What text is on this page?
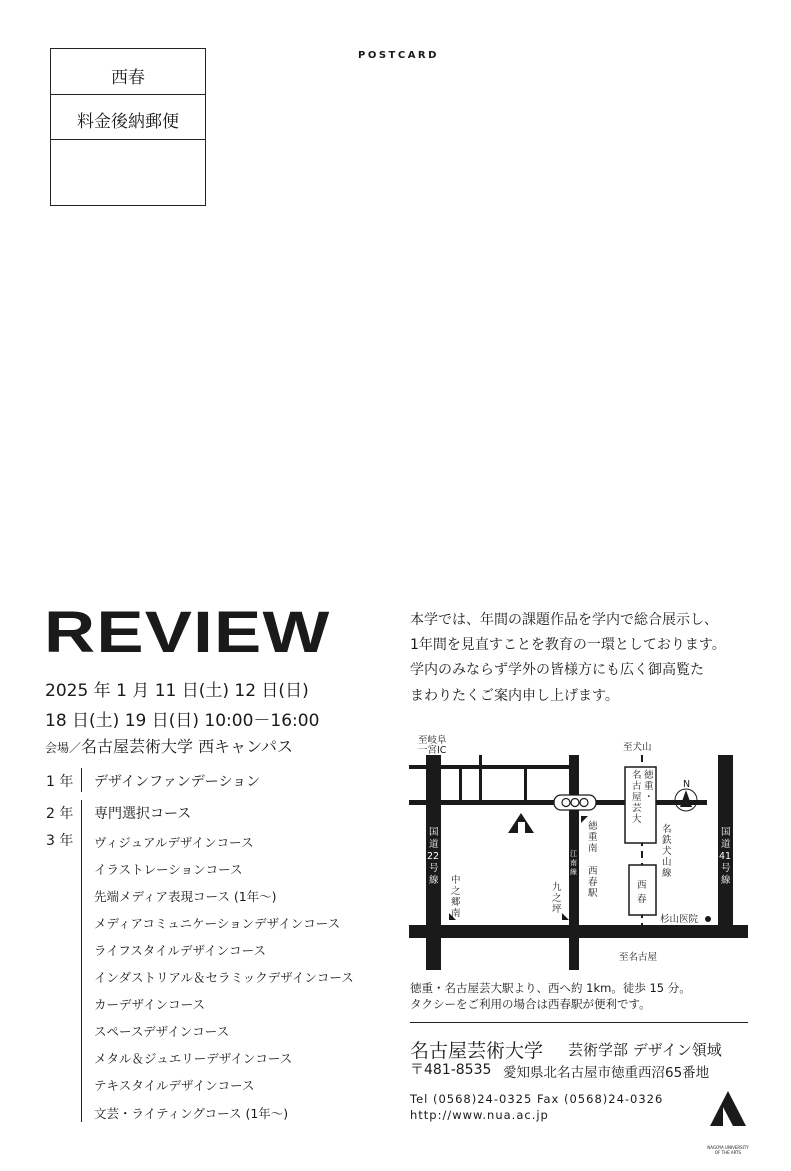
西春
料金後納郵便
POSTCARD
REVIEW
2025 年 1 月 11 日(土) 12 日(日)
18 日(土) 19 日(日) 10:00－16:00
会場／名古屋芸術大学 西キャンパス
1 年 デザインファンデーション
2 年
3 年
専門選択コース
ヴィジュアルデザインコース
イラストレーションコース
先端メディア表現コース (1年～)
メディアコミュニケーションデザインコース
ライフスタイルデザインコース
インダストリアル＆セラミックデザインコース
カーデザインコース
スペースデザインコース
メタル＆ジュエリーデザインコース
テキスタイルデザインコース
文芸・ライティングコース (1年～)

本学では、年間の課題作品を学内で総合展示し、

1年間を見直すことを教育の一環としております。

学内のみならず学外の皆様方にも広く御高覧た

まわりたくご案内申し上げます。

N
至岐阜
一宮IC	至犬山
徳
重
・
名
古
屋
芸
大
名
鉄
犬
山
線
国
道
22
号
線
国
道
41
号
線
中
之
郷
南
徳
重
南
江
南
線 西
春
駅
九
之
坪
西
春
杉山医院
至名古屋

徳重・名古屋芸大駅より、西へ約 1km。徒歩 15 分。

タクシーをご利用の場合は西春駅が便利です。

名古屋芸術大学 芸術学部 デザイン領域
〒481-8535 愛知県北名古屋市徳重西沼65番地
Tel (0568)24-0325 Fax (0568)24-0326
http://www.nua.ac.jp
NAGOYA UNIVERSITY
OF THE ARTS
